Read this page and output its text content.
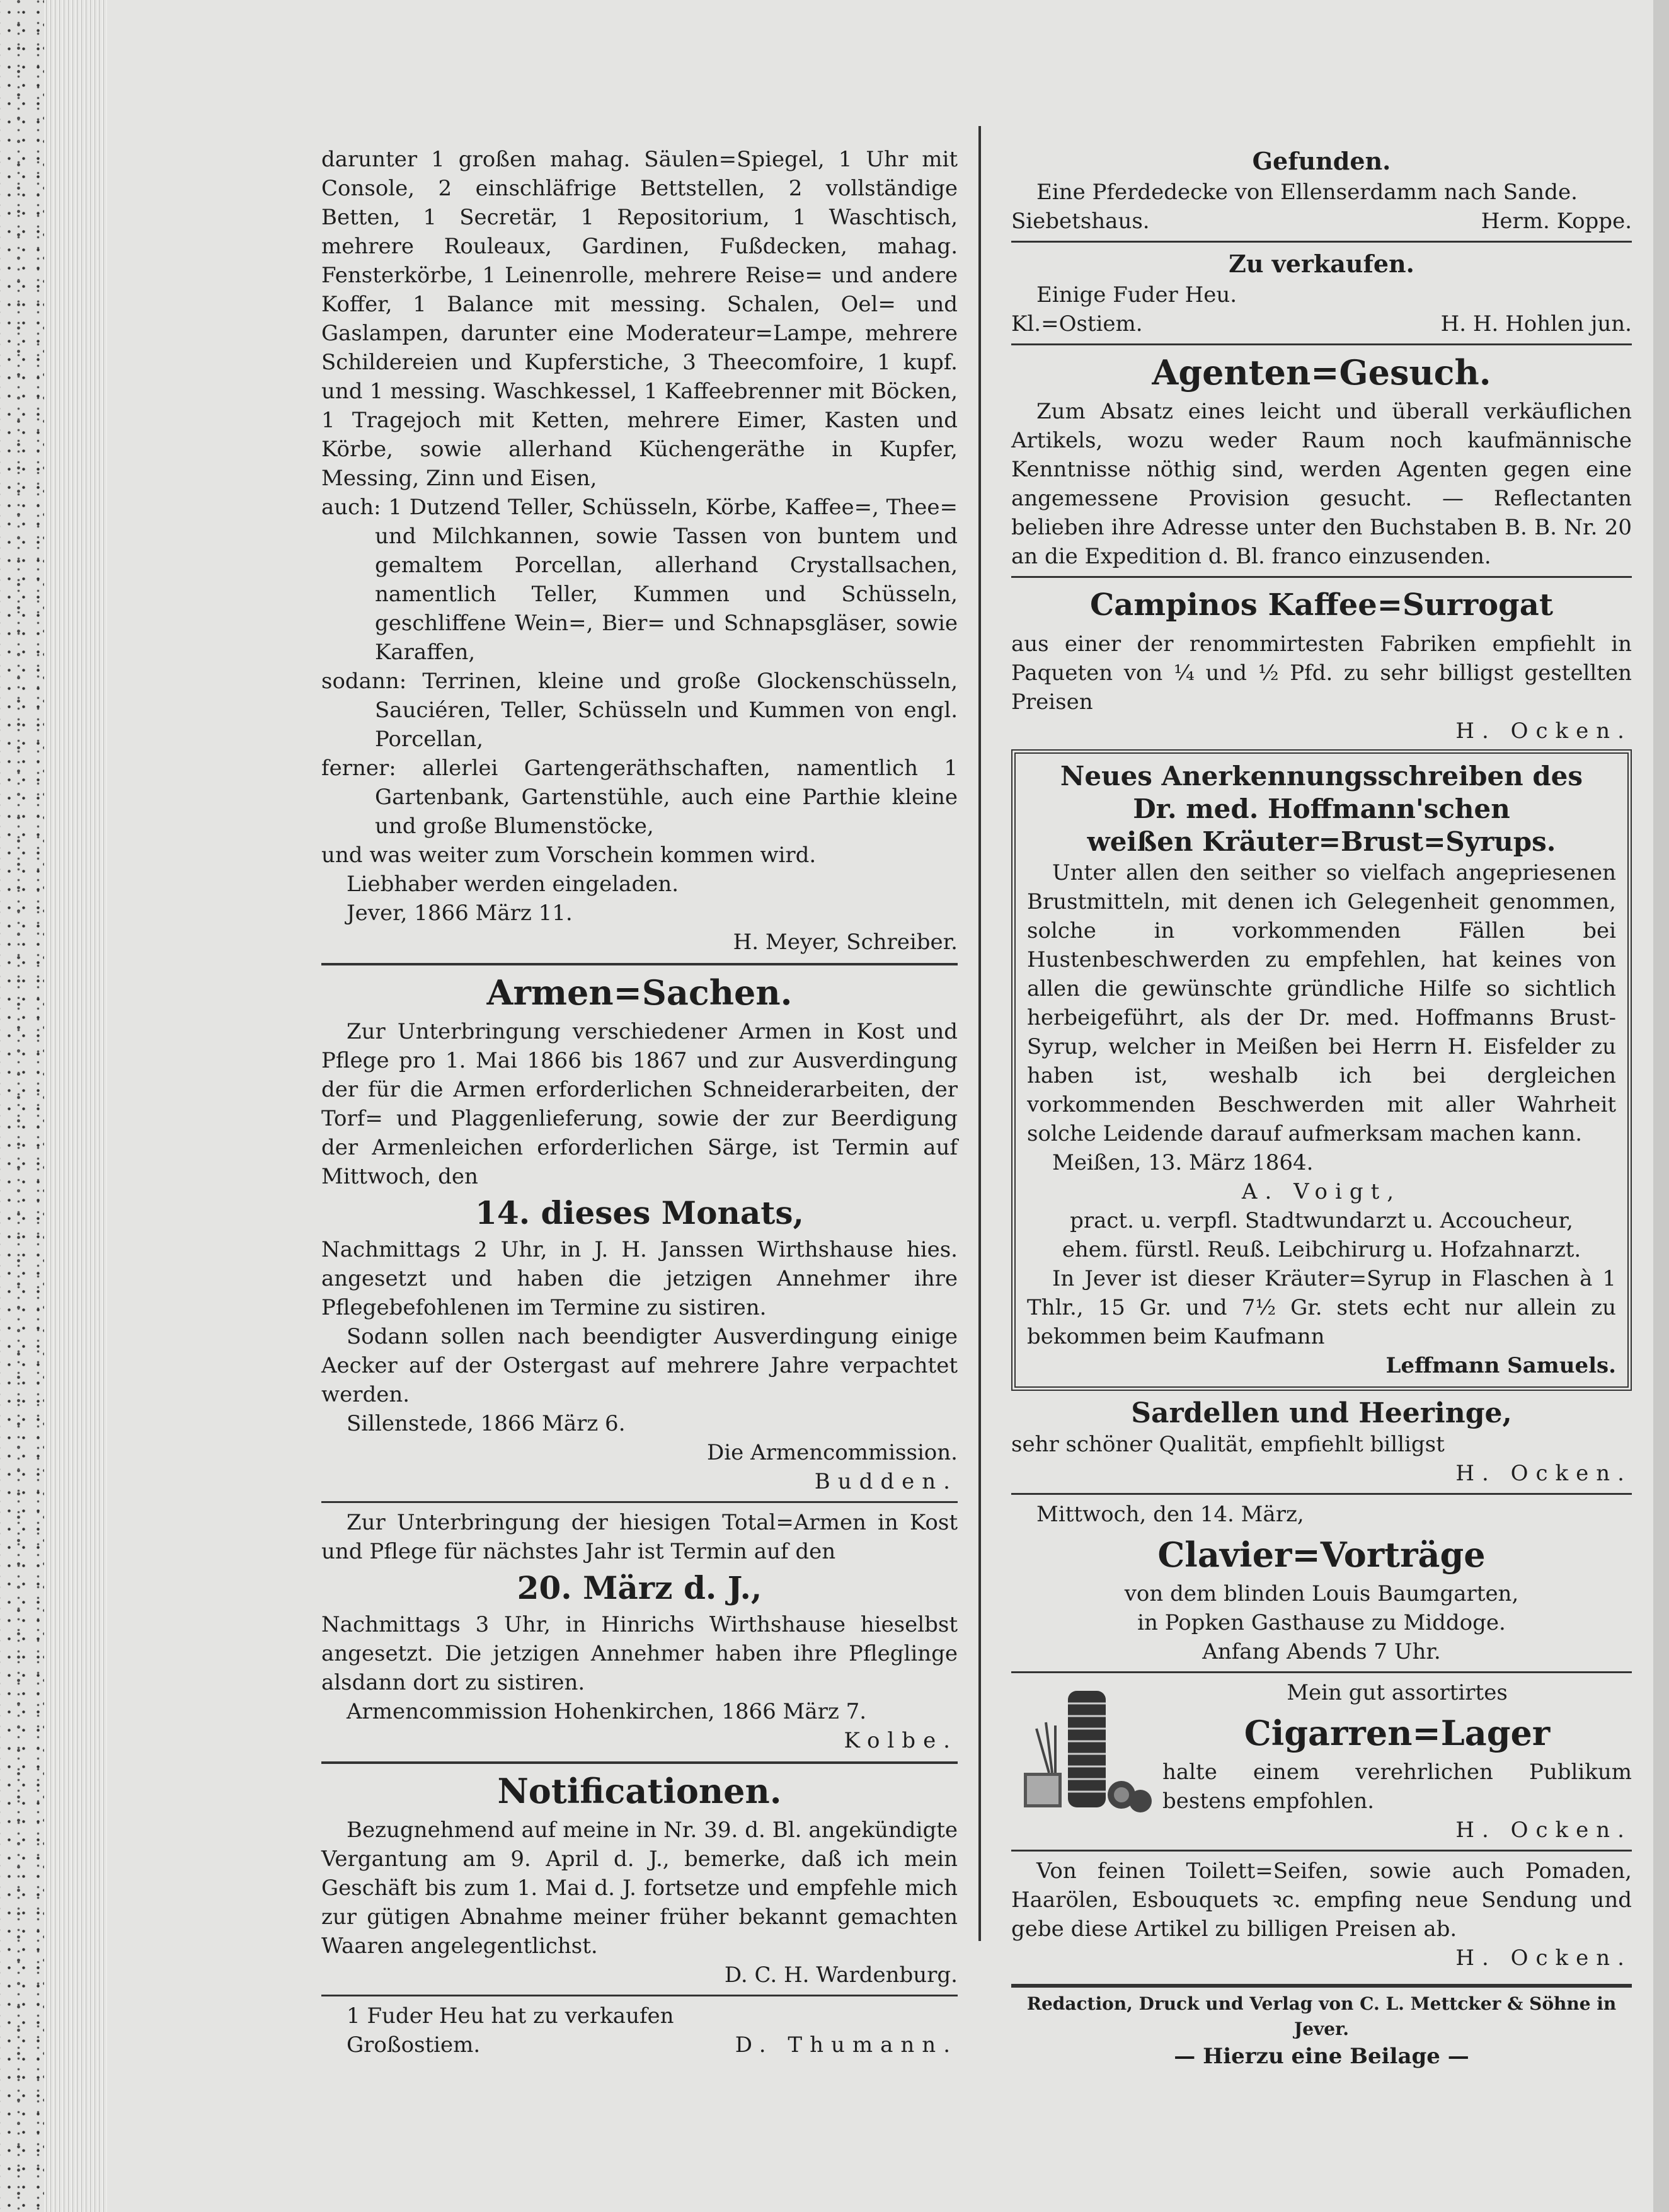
darunter 1 großen mahag. Säulen=Spiegel, 1 Uhr mit Console, 2 einschläfrige Bettstellen, 2 vollständige Betten, 1 Secretär, 1 Repositorium, 1 Waschtisch, mehrere Rouleaux, Gardinen, Fußdecken, mahag. Fensterkörbe, 1 Leinenrolle, mehrere Reise= und andere Koffer, 1 Balance mit messing. Schalen, Oel= und Gaslampen, darunter eine Moderateur=Lampe, mehrere Schildereien und Kupferstiche, 3 Theecomfoire, 1 kupf. und 1 messing. Waschkessel, 1 Kaffeebrenner mit Böcken, 1 Tragejoch mit Ketten, mehrere Eimer, Kasten und Körbe, sowie allerhand Küchengeräthe in Kupfer, Messing, Zinn und Eisen,

auch: 1 Dutzend Teller, Schüsseln, Körbe, Kaffee=, Thee= und Milchkannen, sowie Tassen von buntem und gemaltem Porcellan, allerhand Crystallsachen, namentlich Teller, Kummen und Schüsseln, geschliffene Wein=, Bier= und Schnapsgläser, sowie Karaffen,

sodann: Terrinen, kleine und große Glockenschüsseln, Sauciéren, Teller, Schüsseln und Kummen von engl. Porcellan,

ferner: allerlei Gartengeräthschaften, namentlich 1 Gartenbank, Gartenstühle, auch eine Parthie kleine und große Blumenstöcke,

und was weiter zum Vorschein kommen wird.

Liebhaber werden eingeladen.

Jever, 1866 März 11.

H. Meyer, Schreiber.

Armen=Sachen.

Zur Unterbringung verschiedener Armen in Kost und Pflege pro 1. Mai 1866 bis 1867 und zur Ausverdingung der für die Armen erforderlichen Schneiderarbeiten, der Torf= und Plaggenlieferung, sowie der zur Beerdigung der Armenleichen erforderlichen Särge, ist Termin auf Mittwoch, den

14. dieses Monats,

Nachmittags 2 Uhr, in J. H. Janssen Wirthshause hies. angesetzt und haben die jetzigen Annehmer ihre Pflegebefohlenen im Termine zu sistiren.

Sodann sollen nach beendigter Ausverdingung einige Aecker auf der Ostergast auf mehrere Jahre verpachtet werden.

Sillenstede, 1866 März 6.

Die Armencommission.

Budden.

Zur Unterbringung der hiesigen Total=Armen in Kost und Pflege für nächstes Jahr ist Termin auf den

20. März d. J.,

Nachmittags 3 Uhr, in Hinrichs Wirthshause hieselbst angesetzt. Die jetzigen Annehmer haben ihre Pfleglinge alsdann dort zu sistiren.

Armencommission Hohenkirchen, 1866 März 7.

Kolbe.

Notificationen.

Bezugnehmend auf meine in Nr. 39. d. Bl. angekündigte Vergantung am 9. April d. J., bemerke, daß ich mein Geschäft bis zum 1. Mai d. J. fortsetze und empfehle mich zur gütigen Abnahme meiner früher bekannt gemachten Waaren angelegentlichst.

D. C. H. Wardenburg.

1 Fuder Heu hat zu verkaufen

Großostiem.	D. Thumann.
Gefunden.

Eine Pferdedecke von Ellenserdamm nach Sande.

Siebetshaus.	Herm. Koppe.
Zu verkaufen.

Einige Fuder Heu.

Kl.=Ostiem.	H. H. Hohlen jun.
Agenten=Gesuch.

Zum Absatz eines leicht und überall verkäuflichen Artikels, wozu weder Raum noch kaufmännische Kenntnisse nöthig sind, werden Agenten gegen eine angemessene Provision gesucht. — Reflectanten belieben ihre Adresse unter den Buchstaben B. B. Nr. 20 an die Expedition d. Bl. franco einzusenden.

Campinos Kaffee=Surrogat

aus einer der renommirtesten Fabriken empfiehlt in Paqueten von ¼ und ½ Pfd. zu sehr billigst gestellten Preisen

H. Ocken.

Neues Anerkennungsschreiben des
Dr. med. Hoffmann'schen
weißen Kräuter=Brust=Syrups.

Unter allen den seither so vielfach angepriesenen Brustmitteln, mit denen ich Gelegenheit genommen, solche in vorkommenden Fällen bei Hustenbeschwerden zu empfehlen, hat keines von allen die gewünschte gründliche Hilfe so sichtlich herbeigeführt, als der Dr. med. Hoffmanns Brust-Syrup, welcher in Meißen bei Herrn H. Eisfelder zu haben ist, weshalb ich bei dergleichen vorkommenden Beschwerden mit aller Wahrheit solche Leidende darauf aufmerksam machen kann.

Meißen, 13. März 1864.

A. Voigt,

pract. u. verpfl. Stadtwundarzt u. Accoucheur,

ehem. fürstl. Reuß. Leibchirurg u. Hofzahnarzt.

In Jever ist dieser Kräuter=Syrup in Flaschen à 1 Thlr., 15 Gr. und 7½ Gr. stets echt nur allein zu bekommen beim Kaufmann

Leffmann Samuels.

Sardellen und Heeringe,

sehr schöner Qualität, empfiehlt billigst

H. Ocken.

Mittwoch, den 14. März,

Clavier=Vorträge

von dem blinden Louis Baumgarten,

in Popken Gasthause zu Middoge.

Anfang Abends 7 Uhr.

Mein gut assortirtes

Cigarren=Lager

halte einem verehrlichen Publikum bestens empfohlen.

H. Ocken.

Von feinen Toilett=Seifen, sowie auch Pomaden, Haarölen, Esbouquets ꝛc. empfing neue Sendung und gebe diese Artikel zu billigen Preisen ab.

H. Ocken.

Redaction, Druck und Verlag von C. L. Mettcker & Söhne in Jever.

— Hierzu eine Beilage —
